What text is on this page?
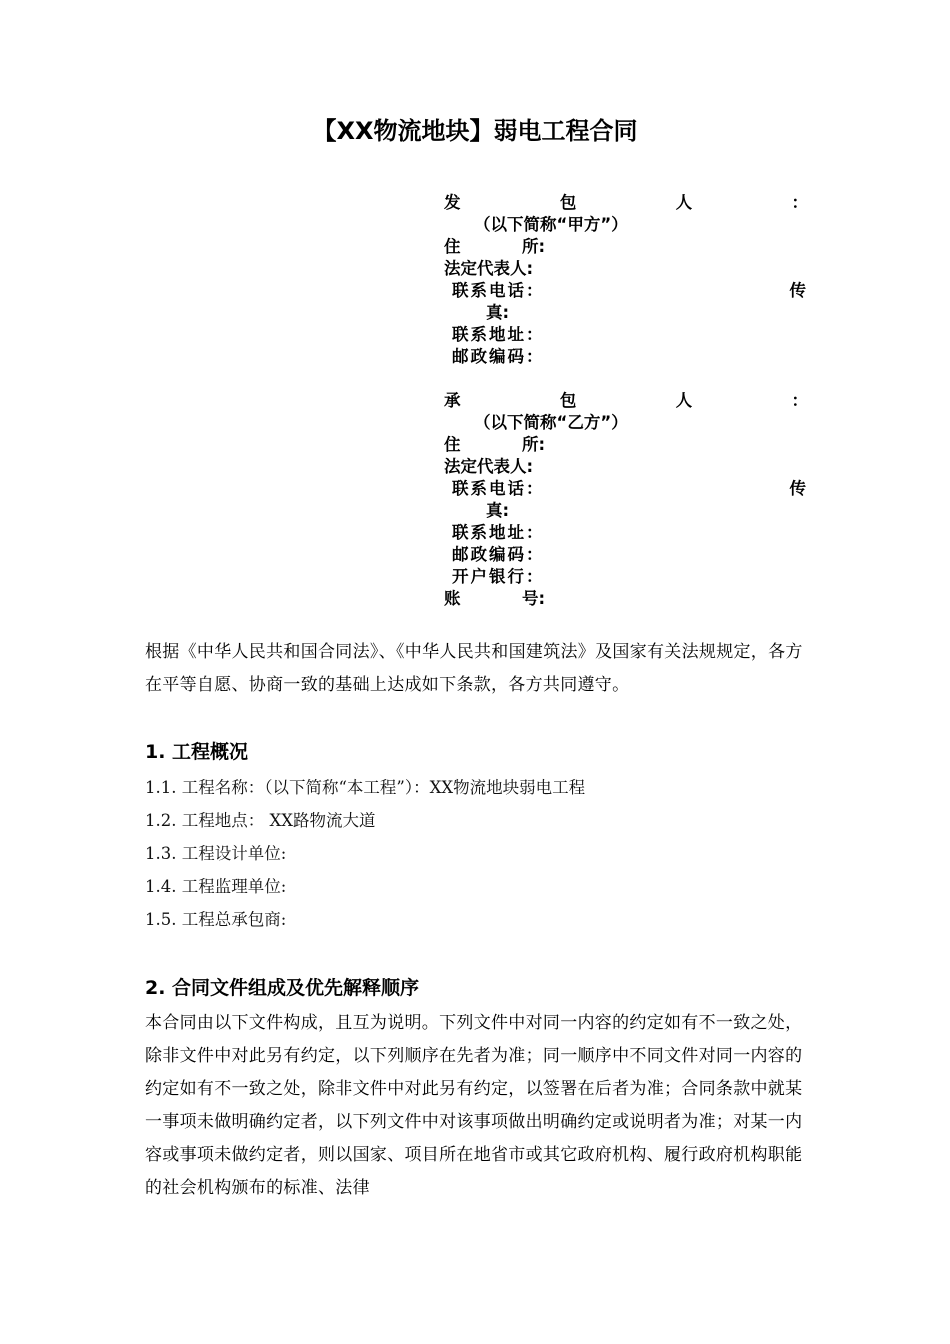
【XX物流地块】弱电工程合同
发	包	人	：
（以下简称“甲方”）
住	所:
法定代表人:
联系电话：	传
真:
联系地址：
邮政编码：
承	包	人	：
（以下简称“乙方”）
住	所:
法定代表人:
联系电话：	传
真:
联系地址：
邮政编码：
开户银行：
账	号:

根据《中华人民共和国合同法》、《中华人民共和国建筑法》及国家有关法规规定，各方在平等自愿、协商一致的基础上达成如下条款，各方共同遵守。

1. 工程概况
1.1. 工程名称：（以下简称“本工程”）：XX物流地块弱电工程
1.2. 工程地点： XX路物流大道
1.3. 工程设计单位:
1.4. 工程监理单位:
1.5. 工程总承包商:
2. 合同文件组成及优先解释顺序

本合同由以下文件构成，且互为说明。下列文件中对同一内容的约定如有不一致之处，除非文件中对此另有约定，以下列顺序在先者为准；同一顺序中不同文件对同一内容的约定如有不一致之处，除非文件中对此另有约定，以签署在后者为准；合同条款中就某一事项未做明确约定者，以下列文件中对该事项做出明确约定或说明者为准；对某一内容或事项未做约定者，则以国家、项目所在地省市或其它政府机构、履行政府机构职能的社会机构颁布的标准、法律
